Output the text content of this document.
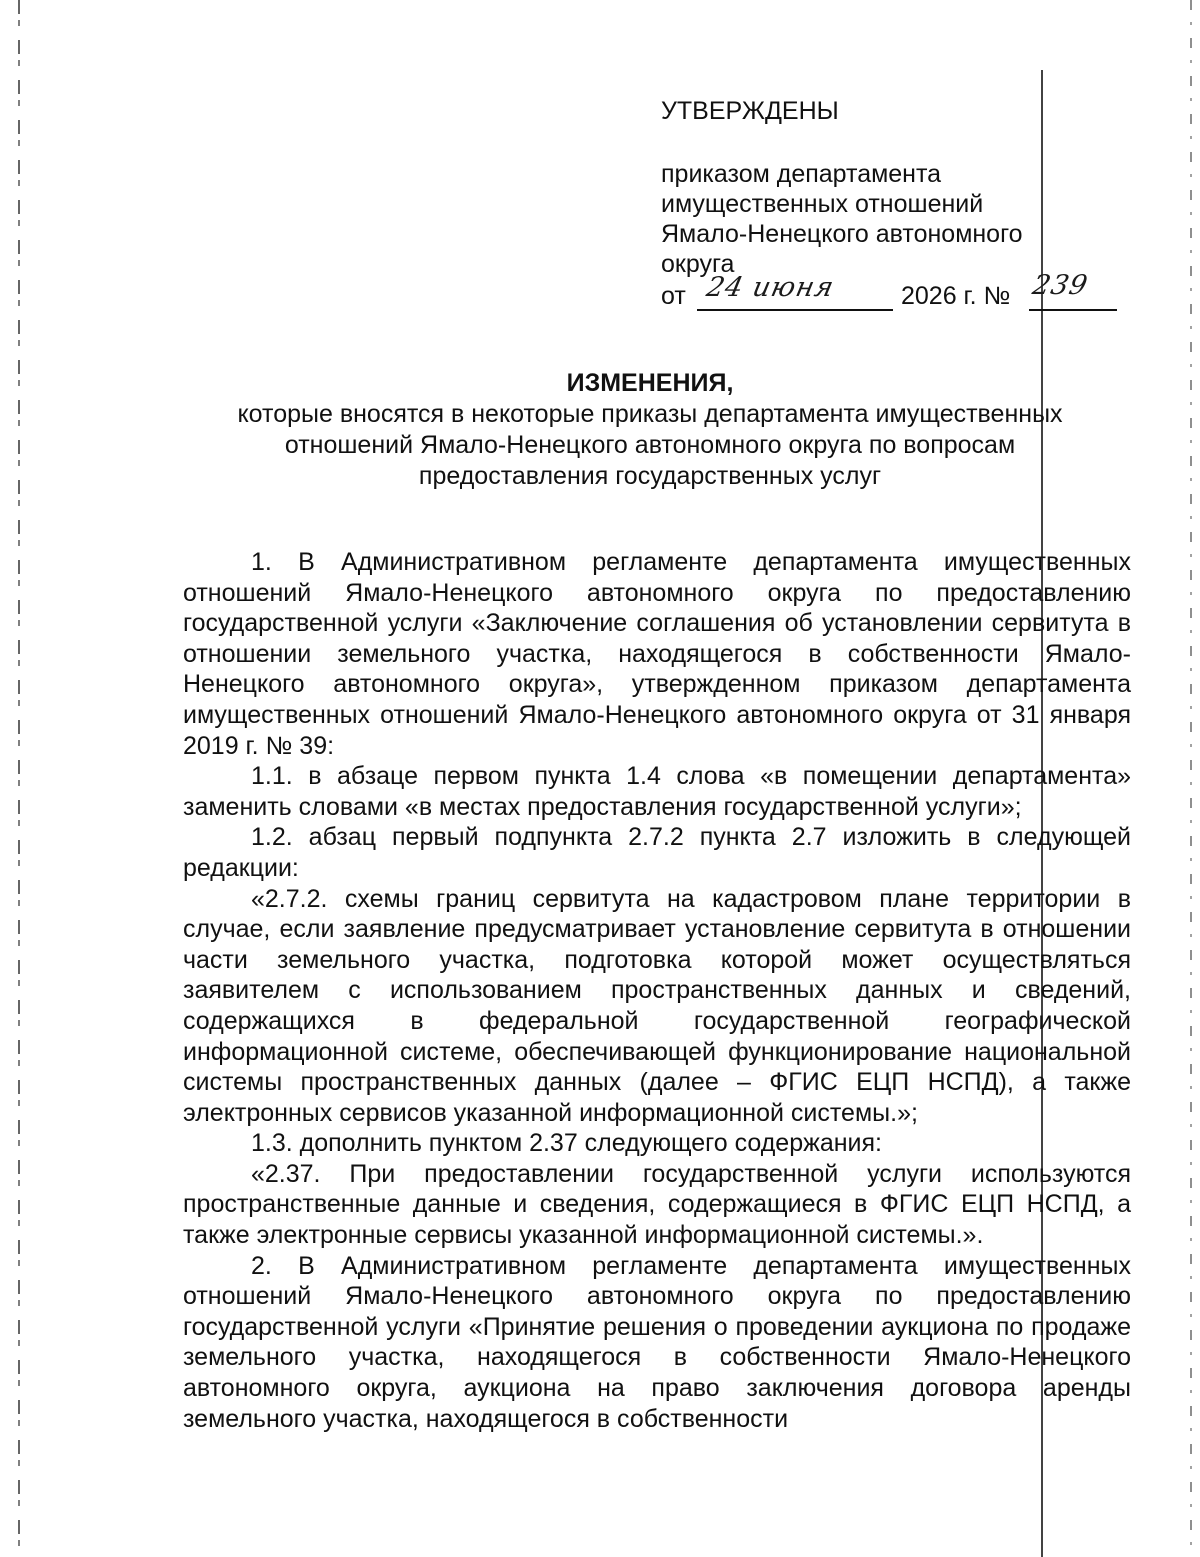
УТВЕРЖДЕНЫ
приказом департамента
имущественных отношений
Ямало-Ненецкого автономного
округа
от 24 июня	2026 г. № 239
ИЗМЕНЕНИЯ,
которые вносятся в некоторые приказы департамента имущественных
отношений Ямало-Ненецкого автономного округа по вопросам
предоставления государственных услуг

1. В Административном регламенте департамента имущественных отношений Ямало-Ненецкого автономного округа по предоставлению государственной услуги «Заключение соглашения об установлении сервитута в отношении земельного участка, находящегося в собственности Ямало-Ненецкого автономного округа», утвержденном приказом департамента имущественных отношений Ямало-Ненецкого автономного округа от 31 января 2019 г. № 39:

1.1. в абзаце первом пункта 1.4 слова «в помещении департамента» заменить словами «в местах предоставления государственной услуги»;

1.2. абзац первый подпункта 2.7.2 пункта 2.7 изложить в следующей редакции:

«2.7.2. схемы границ сервитута на кадастровом плане территории в случае, если заявление предусматривает установление сервитута в отношении части земельного участка, подготовка которой может осуществляться заявителем с использованием пространственных данных и сведений, содержащихся в федеральной государственной географической информационной системе, обеспечивающей функционирование национальной системы пространственных данных (далее – ФГИС ЕЦП НСПД), а также электронных сервисов указанной информационной системы.»;

1.3. дополнить пунктом 2.37 следующего содержания:

«2.37. При предоставлении государственной услуги используются пространственные данные и сведения, содержащиеся в ФГИС ЕЦП НСПД, а также электронные сервисы указанной информационной системы.».

2. В Административном регламенте департамента имущественных отношений Ямало-Ненецкого автономного округа по предоставлению государственной услуги «Принятие решения о проведении аукциона по продаже земельного участка, находящегося в собственности Ямало-Ненецкого автономного округа, аукциона на право заключения договора аренды земельного участка, находящегося в собственности
